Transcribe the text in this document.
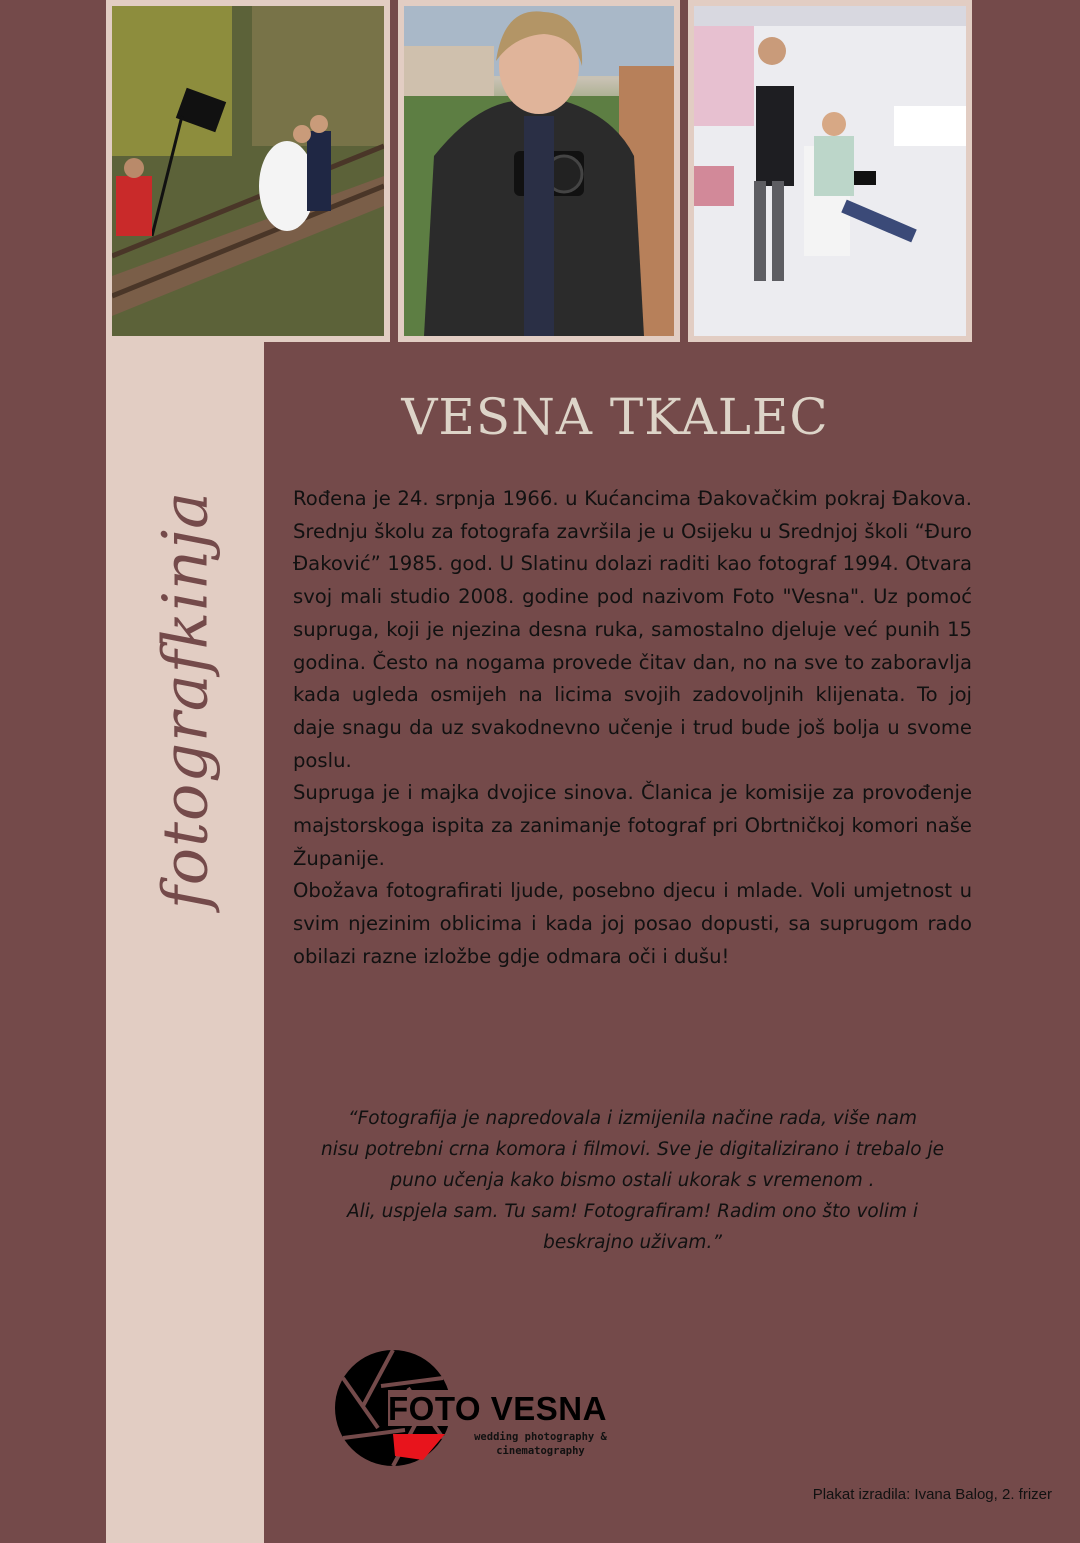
fotografkinja
VESNA TKALEC

Rođena je 24. srpnja 1966. u Kućancima Đakovačkim pokraj Đakova. Srednju školu za fotografa završila je u Osijeku u Srednjoj školi “Đuro Đaković” 1985. god. U Slatinu dolazi raditi kao fotograf 1994. Otvara svoj mali studio 2008. godine pod nazivom Foto "Vesna". Uz pomoć supruga, koji je njezina desna ruka, samostalno djeluje već punih 15 godina. Često na nogama provede čitav dan, no na sve to zaboravlja kada ugleda osmijeh na licima svojih zadovoljnih klijenata. To joj daje snagu da uz svakodnevno učenje i trud bude još bolja u svome poslu.
Supruga je i majka dvojice sinova. Članica je komisije za provođenje majstorskoga ispita za zanimanje fotograf pri Obrtničkoj komori naše Županije.
Obožava fotografirati ljude, posebno djecu i mlade. Voli umjetnost u svim njezinim oblicima i kada joj posao dopusti, sa suprugom rado obilazi razne izložbe gdje odmara oči i dušu!

“Fotografija je napredovala i izmijenila načine rada, više nam
nisu potrebni crna komora i filmovi. Sve je digitalizirano i trebalo je
puno učenja kako bismo ostali ukorak s vremenom .
Ali, uspjela sam. Tu sam! Fotografiram! Radim ono što volim i
beskrajno uživam.”

FOTO VESNA
wedding photography &
cinematography
Plakat izradila: Ivana Balog, 2. frizer
